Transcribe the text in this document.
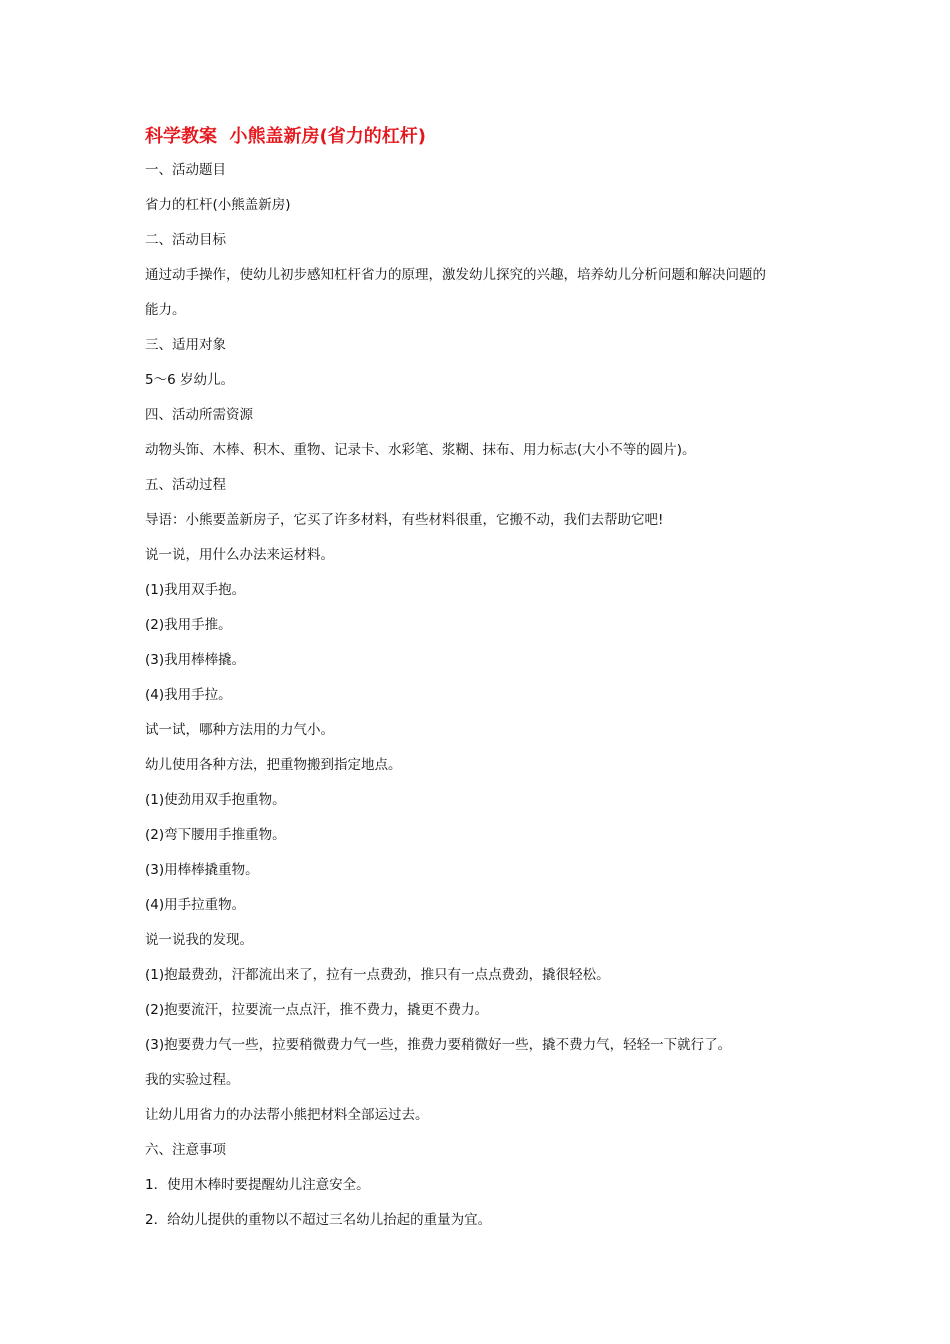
科学教案  小熊盖新房(省力的杠杆)

一、活动题目

省力的杠杆(小熊盖新房)

二、活动目标

通过动手操作，使幼儿初步感知杠杆省力的原理，激发幼儿探究的兴趣，培养幼儿分析问题和解决问题的

能力。

三、适用对象

5～6 岁幼儿。

四、活动所需资源

动物头饰、木棒、积木、重物、记录卡、水彩笔、浆糊、抹布、用力标志(大小不等的圆片)。

五、活动过程

导语：小熊要盖新房子，它买了许多材料，有些材料很重，它搬不动，我们去帮助它吧!

说一说，用什么办法来运材料。

(1)我用双手抱。

(2)我用手推。

(3)我用棒棒撬。

(4)我用手拉。

试一试，哪种方法用的力气小。

幼儿使用各种方法，把重物搬到指定地点。

(1)使劲用双手抱重物。

(2)弯下腰用手推重物。

(3)用棒棒撬重物。

(4)用手拉重物。

说一说我的发现。

(1)抱最费劲，汗都流出来了，拉有一点费劲，推只有一点点费劲，撬很轻松。

(2)抱要流汗，拉要流一点点汗，推不费力，撬更不费力。

(3)抱要费力气一些，拉要稍微费力气一些，推费力要稍微好一些，撬不费力气，轻轻一下就行了。

我的实验过程。

让幼儿用省力的办法帮小熊把材料全部运过去。

六、注意事项

1．使用木棒时要提醒幼儿注意安全。

2．给幼儿提供的重物以不超过三名幼儿抬起的重量为宜。
